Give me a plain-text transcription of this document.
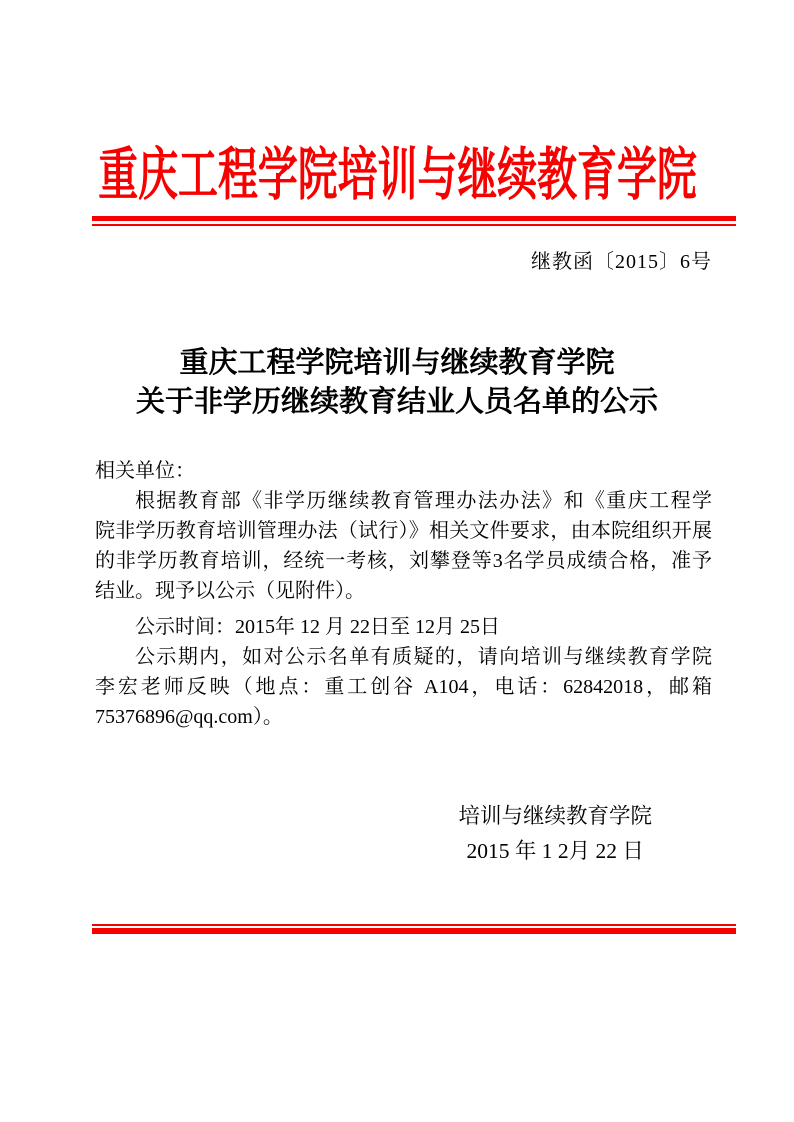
重庆工程学院培训与继续教育学院
继教函〔2015〕6号
重庆工程学院培训与继续教育学院
关于非学历继续教育结业人员名单的公示
相关单位：
根据教育部《非学历继续教育管理办法办法》和《重庆工程学
院非学历教育培训管理办法（试行）》相关文件要求，由本院组织开展
的非学历教育培训，经统一考核，刘攀登等3名学员成绩合格，准予
结业。现予以公示（见附件）。
公示时间：2015年 12 月 22日至 12月 25日
公示期内，如对公示名单有质疑的，请向培训与继续教育学院
李宏老师反映（地点：重工创谷 A104，电话：62842018，邮箱
75376896@qq.com）。
培训与继续教育学院
2015 年 1 2月 22 日
